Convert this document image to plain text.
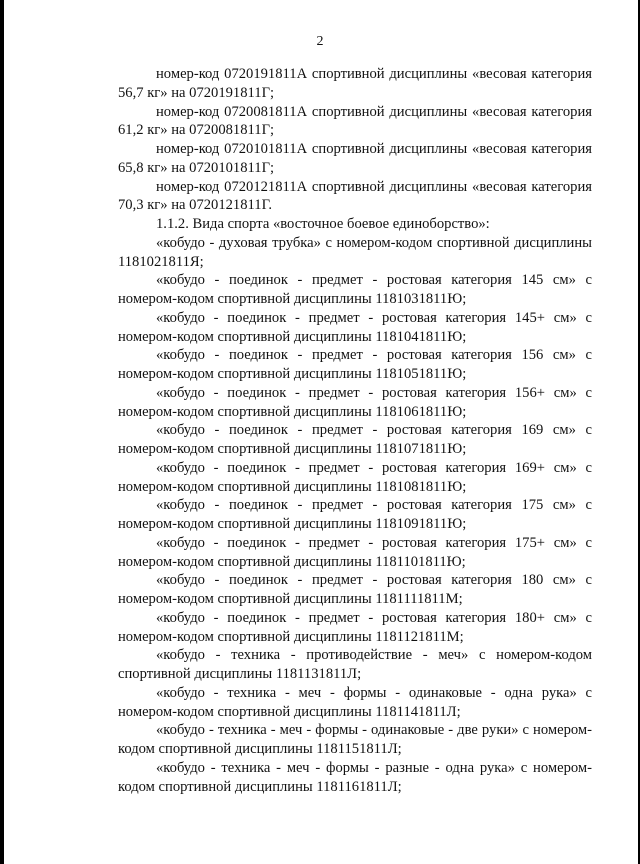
2

номер-код 0720191811А спортивной дисциплины «весовая категория 56,7 кг» на 0720191811Г;

номер-код 0720081811А спортивной дисциплины «весовая категория 61,2 кг» на 0720081811Г;

номер-код 0720101811А спортивной дисциплины «весовая категория 65,8 кг» на 0720101811Г;

номер-код 0720121811А спортивной дисциплины «весовая категория 70,3 кг» на 0720121811Г.

1.1.2. Вида спорта «восточное боевое единоборство»:

«кобудо - духовая трубка» с номером-кодом спортивной дисциплины 1181021811Я;

«кобудо - поединок - предмет - ростовая категория 145 см» с номером-кодом спортивной дисциплины 1181031811Ю;

«кобудо - поединок - предмет - ростовая категория 145+ см» с номером-кодом спортивной дисциплины 1181041811Ю;

«кобудо - поединок - предмет - ростовая категория 156 см» с номером-кодом спортивной дисциплины 1181051811Ю;

«кобудо - поединок - предмет - ростовая категория 156+ см» с номером-кодом спортивной дисциплины 1181061811Ю;

«кобудо - поединок - предмет - ростовая категория 169 см» с номером-кодом спортивной дисциплины 1181071811Ю;

«кобудо - поединок - предмет - ростовая категория 169+ см» с номером-кодом спортивной дисциплины 1181081811Ю;

«кобудо - поединок - предмет - ростовая категория 175 см» с номером-кодом спортивной дисциплины 1181091811Ю;

«кобудо - поединок - предмет - ростовая категория 175+ см» с номером-кодом спортивной дисциплины 1181101811Ю;

«кобудо - поединок - предмет - ростовая категория 180 см» с номером-кодом спортивной дисциплины 1181111811М;

«кобудо - поединок - предмет - ростовая категория 180+ см» с номером-кодом спортивной дисциплины 1181121811М;

«кобудо - техника - противодействие - меч» с номером-кодом спортивной дисциплины 1181131811Л;

«кобудо - техника - меч - формы - одинаковые - одна рука» с номером-кодом спортивной дисциплины 1181141811Л;

«кобудо - техника - меч - формы - одинаковые - две руки» с номером-кодом спортивной дисциплины 1181151811Л;

«кобудо - техника - меч - формы - разные - одна рука» с номером-кодом спортивной дисциплины 1181161811Л;
